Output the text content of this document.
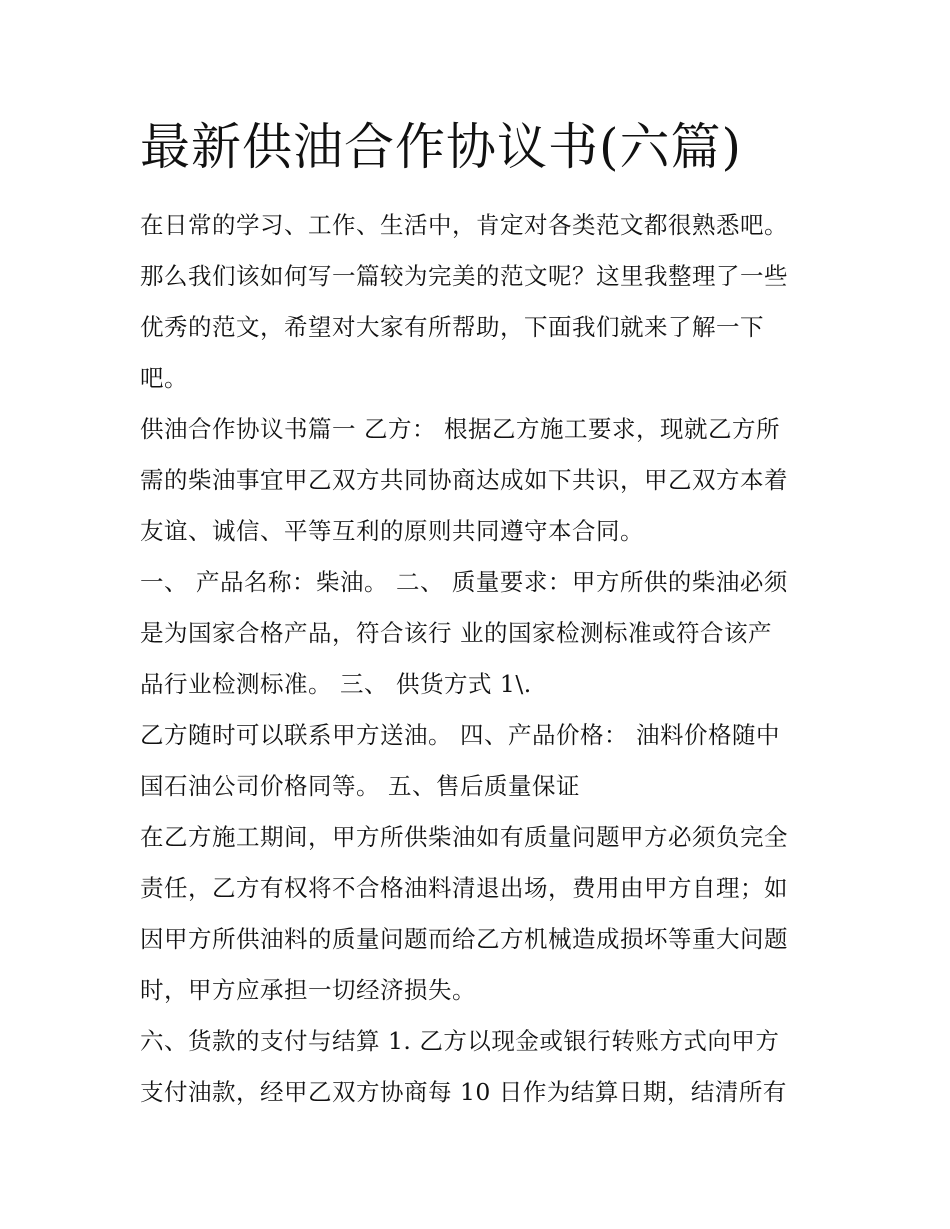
最新供油合作协议书(六篇)

在日常的学习、工作、生活中，肯定对各类范文都很熟悉吧。
那么我们该如何写一篇较为完美的范文呢？这里我整理了一些
优秀的范文，希望对大家有所帮助，下面我们就来了解一下
吧。

供油合作协议书篇一 乙方： 根据乙方施工要求，现就乙方所
需的柴油事宜甲乙双方共同协商达成如下共识，甲乙双方本着
友谊、诚信、平等互利的原则共同遵守本合同。

一、 产品名称：柴油。 二、 质量要求：甲方所供的柴油必须
是为国家合格产品，符合该行 业的国家检测标准或符合该产
品行业检测标准。 三、 供货方式 1\.

乙方随时可以联系甲方送油。 四、产品价格： 油料价格随中
国石油公司价格同等。 五、售后质量保证

在乙方施工期间，甲方所供柴油如有质量问题甲方必须负完全
责任，乙方有权将不合格油料清退出场，费用由甲方自理；如
因甲方所供油料的质量问题而给乙方机械造成损坏等重大问题
时，甲方应承担一切经济损失。

六、货款的支付与结算 1. 乙方以现金或银行转账方式向甲方
支付油款，经甲乙双方协商每 10 日作为结算日期，结清所有
